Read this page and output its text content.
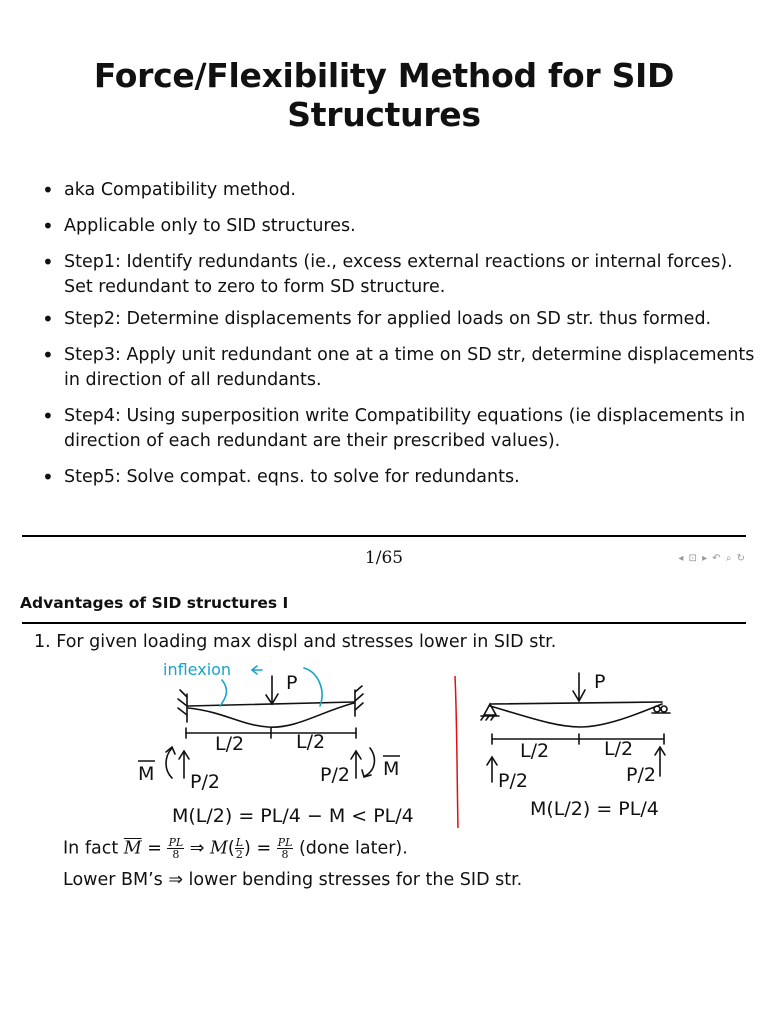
Force/Flexibility Method for SID Structures
• aka Compatibility method.
• Applicable only to SID structures.
• Step1: Identify redundants (ie., excess external reactions or internal forces). Set redundant to zero to form SD structure.
• Step2: Determine displacements for applied loads on SD str. thus formed.
• Step3: Apply unit redundant one at a time on SD str, determine displacements in direction of all redundants.
• Step4: Using superposition write Compatibility equations (ie displacements in direction of each redundant are their prescribed values).
• Step5: Solve compat. eqns. to solve for redundants.
1/65	◂ ⊡ ▸ ↶ ⌕ ↻
Advantages of SID structures I
1. For given loading max displ and stresses lower in SID str.
inflexion
P
L/2	L/2
M P/2	P/2 M
M(L/2) = PL/4 − M < PL/4
P
L/2	L/2
P/2	P/2
M(L/2) = PL/4
In fact $\overline{M} = \frac{PL}{8}$ ⇒ $M( \frac{L}{2}$ ) = $\frac{PL}{8}$ (done later).
Lower BM’s ⇒ lower bending stresses for the SID str.
